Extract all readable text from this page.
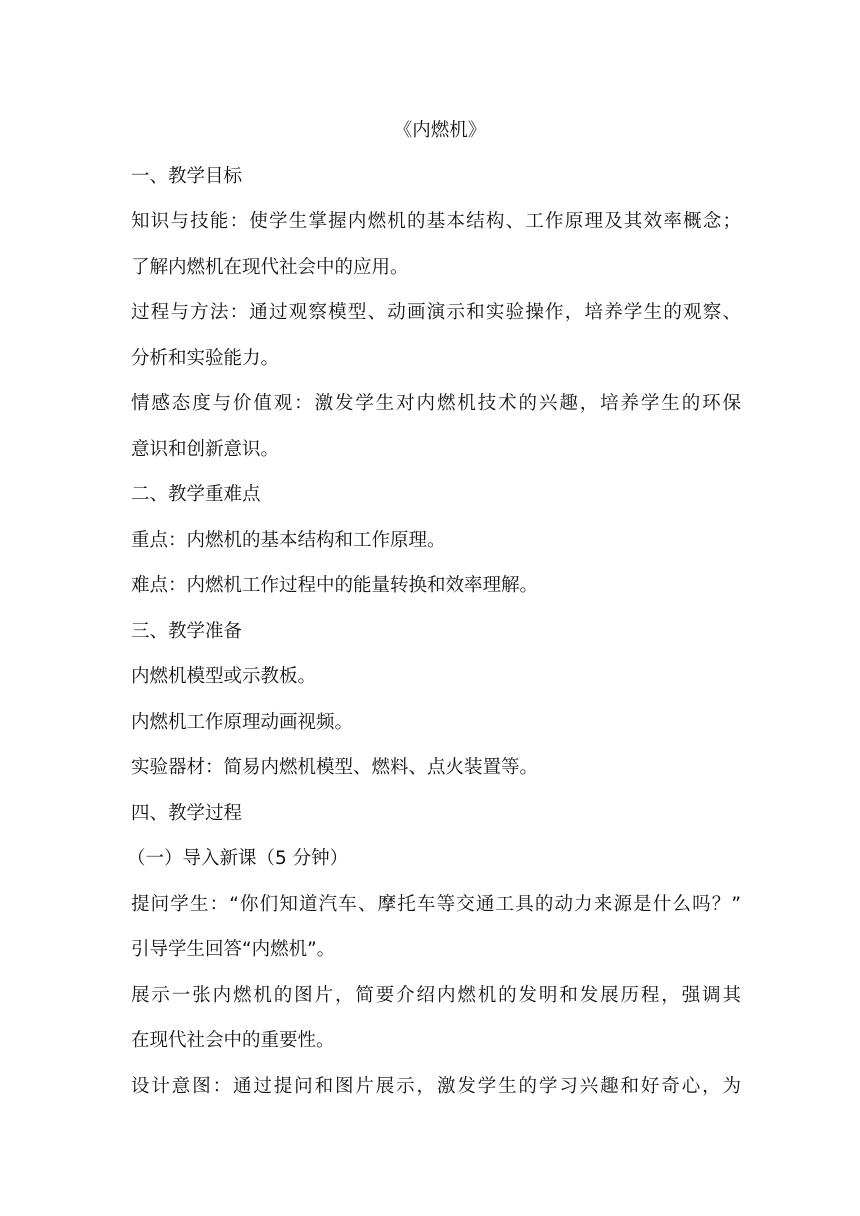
《内燃机》
一、教学目标
知识与技能：使学生掌握内燃机的基本结构、工作原理及其效率概念；
了解内燃机在现代社会中的应用。
过程与方法：通过观察模型、动画演示和实验操作，培养学生的观察、
分析和实验能力。
情感态度与价值观：激发学生对内燃机技术的兴趣，培养学生的环保
意识和创新意识。
二、教学重难点
重点：内燃机的基本结构和工作原理。
难点：内燃机工作过程中的能量转换和效率理解。
三、教学准备
内燃机模型或示教板。
内燃机工作原理动画视频。
实验器材：简易内燃机模型、燃料、点火装置等。
四、教学过程
（一）导入新课（5 分钟）
提问学生：“你们知道汽车、摩托车等交通工具的动力来源是什么吗？”
引导学生回答“内燃机”。
展示一张内燃机的图片，简要介绍内燃机的发明和发展历程，强调其
在现代社会中的重要性。
设计意图：通过提问和图片展示，激发学生的学习兴趣和好奇心，为
